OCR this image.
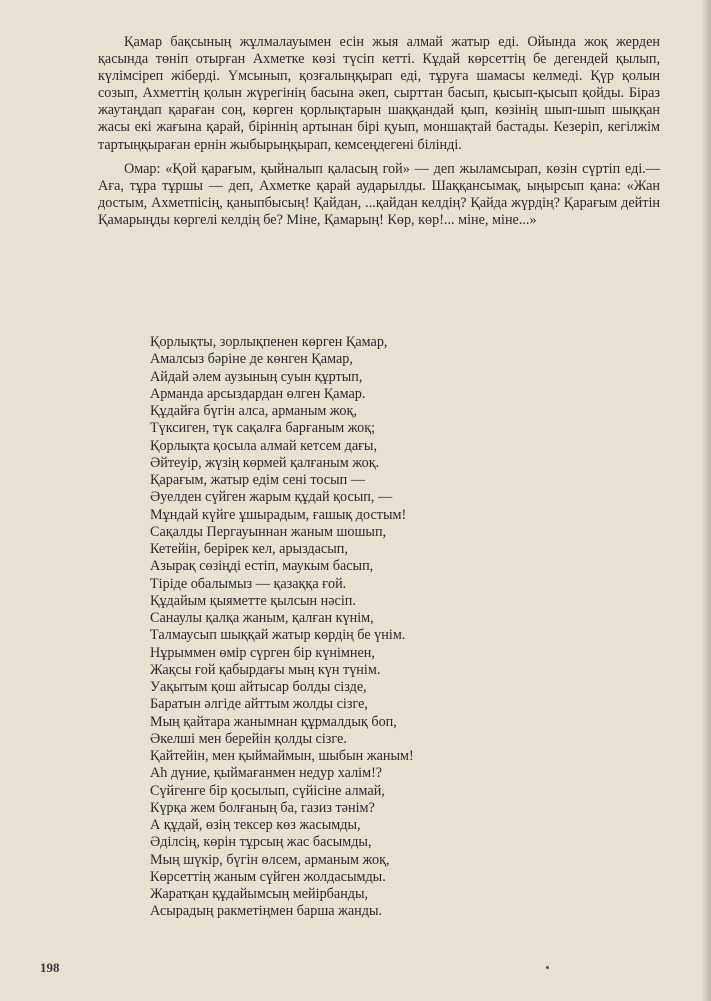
Қамар бақсының жұлмалауымен есін жыя алмай жатыр еді. Ойында жоқ жерден қасында төніп отырған Ахметке көзі түсіп кетті. Кұдай көрсеттің бе дегендей қылып, күлімсіреп жіберді. Үмсынып, қозғалыңқырап еді, тұруға шамасы келмеді. Қүр қолын созып, Ахметтің қолын жүрегінің басына әкеп, сырттан басып, қысып-қысып қойды. Біраз жаутаңдап қараған соң, көрген қорлықтарын шаққандай қып, көзінің шып-шып шыққан жасы екі жағына қарай, біріннің артынан бірі қуып, моншақтай бастады. Кезеріп, кегілжім тартыңқыраған ернін жыбырыңқырап, кемсеңдегені білінді.

Омар: «Қой қарағым, қыйналып қаласың гой» — деп жыламсырап, көзін сүртіп еді.— Аға, тұра тұршы — деп, Ахметке қарай аударылды. Шаққансымақ, ыңырсып қана: «Жан достым, Ахметпісің, қаныпбысың! Қайдан, ...қайдан келдің? Қайда жүрдің? Қарағым дейтін Қамарыңды көргелі келдің бе? Міне, Қамарың! Көр, көр!... міне, міне...»

Қорлықты, зорлықпенен көрген Қамар,
Амалсыз бәріне де көнген Қамар,
Айдай әлем аузының суын құртып,
Арманда арсыздардан өлген Қамар.
Құдайға бүгін алса, арманым жоқ,
Түксиген, түк сақалға барғаным жоқ;
Қорлықта қосыла алмай кетсем дағы,
Әйтеуір, жүзің көрмей қалғаным жоқ.
Қарағым, жатыр едім сені тосып —
Әуелден сүйген жарым құдай қосып, —
Мұндай күйге ұшырадым, ғашық достым!
Сақалды Пергауыннан жаным шошып,
Кетейін, берірек кел, арыздасып,
Азырақ сөзіңді естіп, маукым басып,
Тірідe обалымыз — қазаққа ғой.
Құдайым қыяметте қылсын нәсіп.
Санаулы қалқа жаным, қалған күнім,
Талмаусып шыққай жатыр көрдің бе үнім.
Нұрыммен өмір сүрген бір күнімнен,
Жақсы ғой қабырдағы мың күн түнім.
Уақытым қош айтысар болды сізде,
Баратын әлгіде айттым жолды сізге,
Мың қайтара жанымнан құрмалдық боп,
Әкелші мен берейін қолды сізге.
Қайтейін, мен қыймаймын, шыбын жаным!
Ah дүние, қыймағанмен недур халім!?
Сүйгенге бір қосылып, сүйісіне алмай,
Күрқа жем болғаның ба, газиз тәнім?
А құдай, өзің тексер көз жасымды,
Әділсің, көрін тұрсың жас басымды,
Мың шүкір, бүгін өлсем, арманым жоқ,
Көрсеттің жаным сүйген жолдасымды.
Жаратқан құдайымсың мейірбанды,
Асырадың ракметіңмен барша жанды.
198
